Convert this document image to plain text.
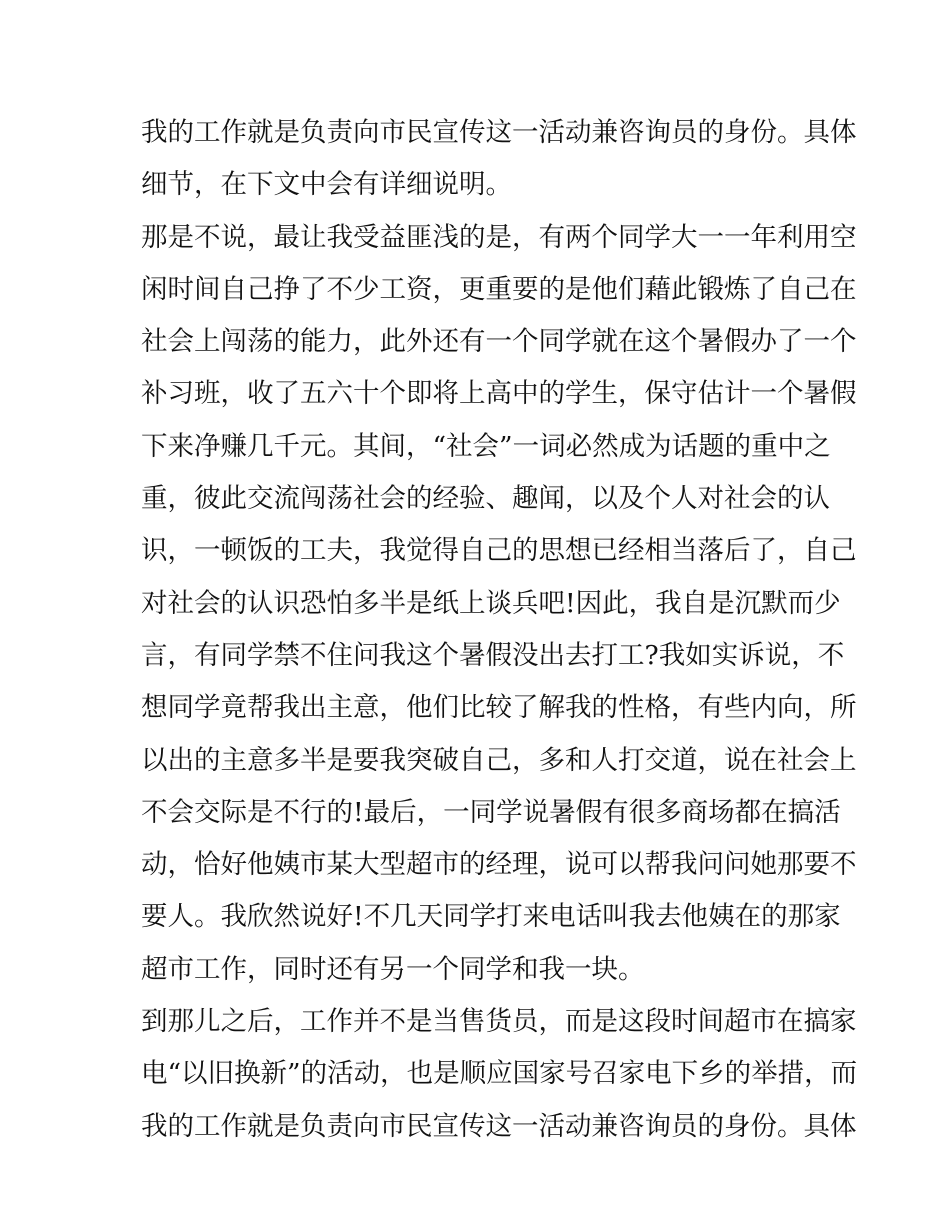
我的工作就是负责向市民宣传这一活动兼咨询员的身份。具体
细节，在下文中会有详细说明。
那是不说，最让我受益匪浅的是，有两个同学大一一年利用空
闲时间自己挣了不少工资，更重要的是他们藉此锻炼了自己在
社会上闯荡的能力，此外还有一个同学就在这个暑假办了一个
补习班，收了五六十个即将上高中的学生，保守估计一个暑假
下来净赚几千元。其间，“社会”一词必然成为话题的重中之
重，彼此交流闯荡社会的经验、趣闻，以及个人对社会的认
识，一顿饭的工夫，我觉得自己的思想已经相当落后了，自己
对社会的认识恐怕多半是纸上谈兵吧!因此，我自是沉默而少
言，有同学禁不住问我这个暑假没出去打工?我如实诉说，不
想同学竟帮我出主意，他们比较了解我的性格，有些内向，所
以出的主意多半是要我突破自己，多和人打交道，说在社会上
不会交际是不行的!最后，一同学说暑假有很多商场都在搞活
动，恰好他姨市某大型超市的经理，说可以帮我问问她那要不
要人。我欣然说好!不几天同学打来电话叫我去他姨在的那家
超市工作，同时还有另一个同学和我一块。
到那儿之后，工作并不是当售货员，而是这段时间超市在搞家
电“以旧换新”的活动，也是顺应国家号召家电下乡的举措，而
我的工作就是负责向市民宣传这一活动兼咨询员的身份。具体
